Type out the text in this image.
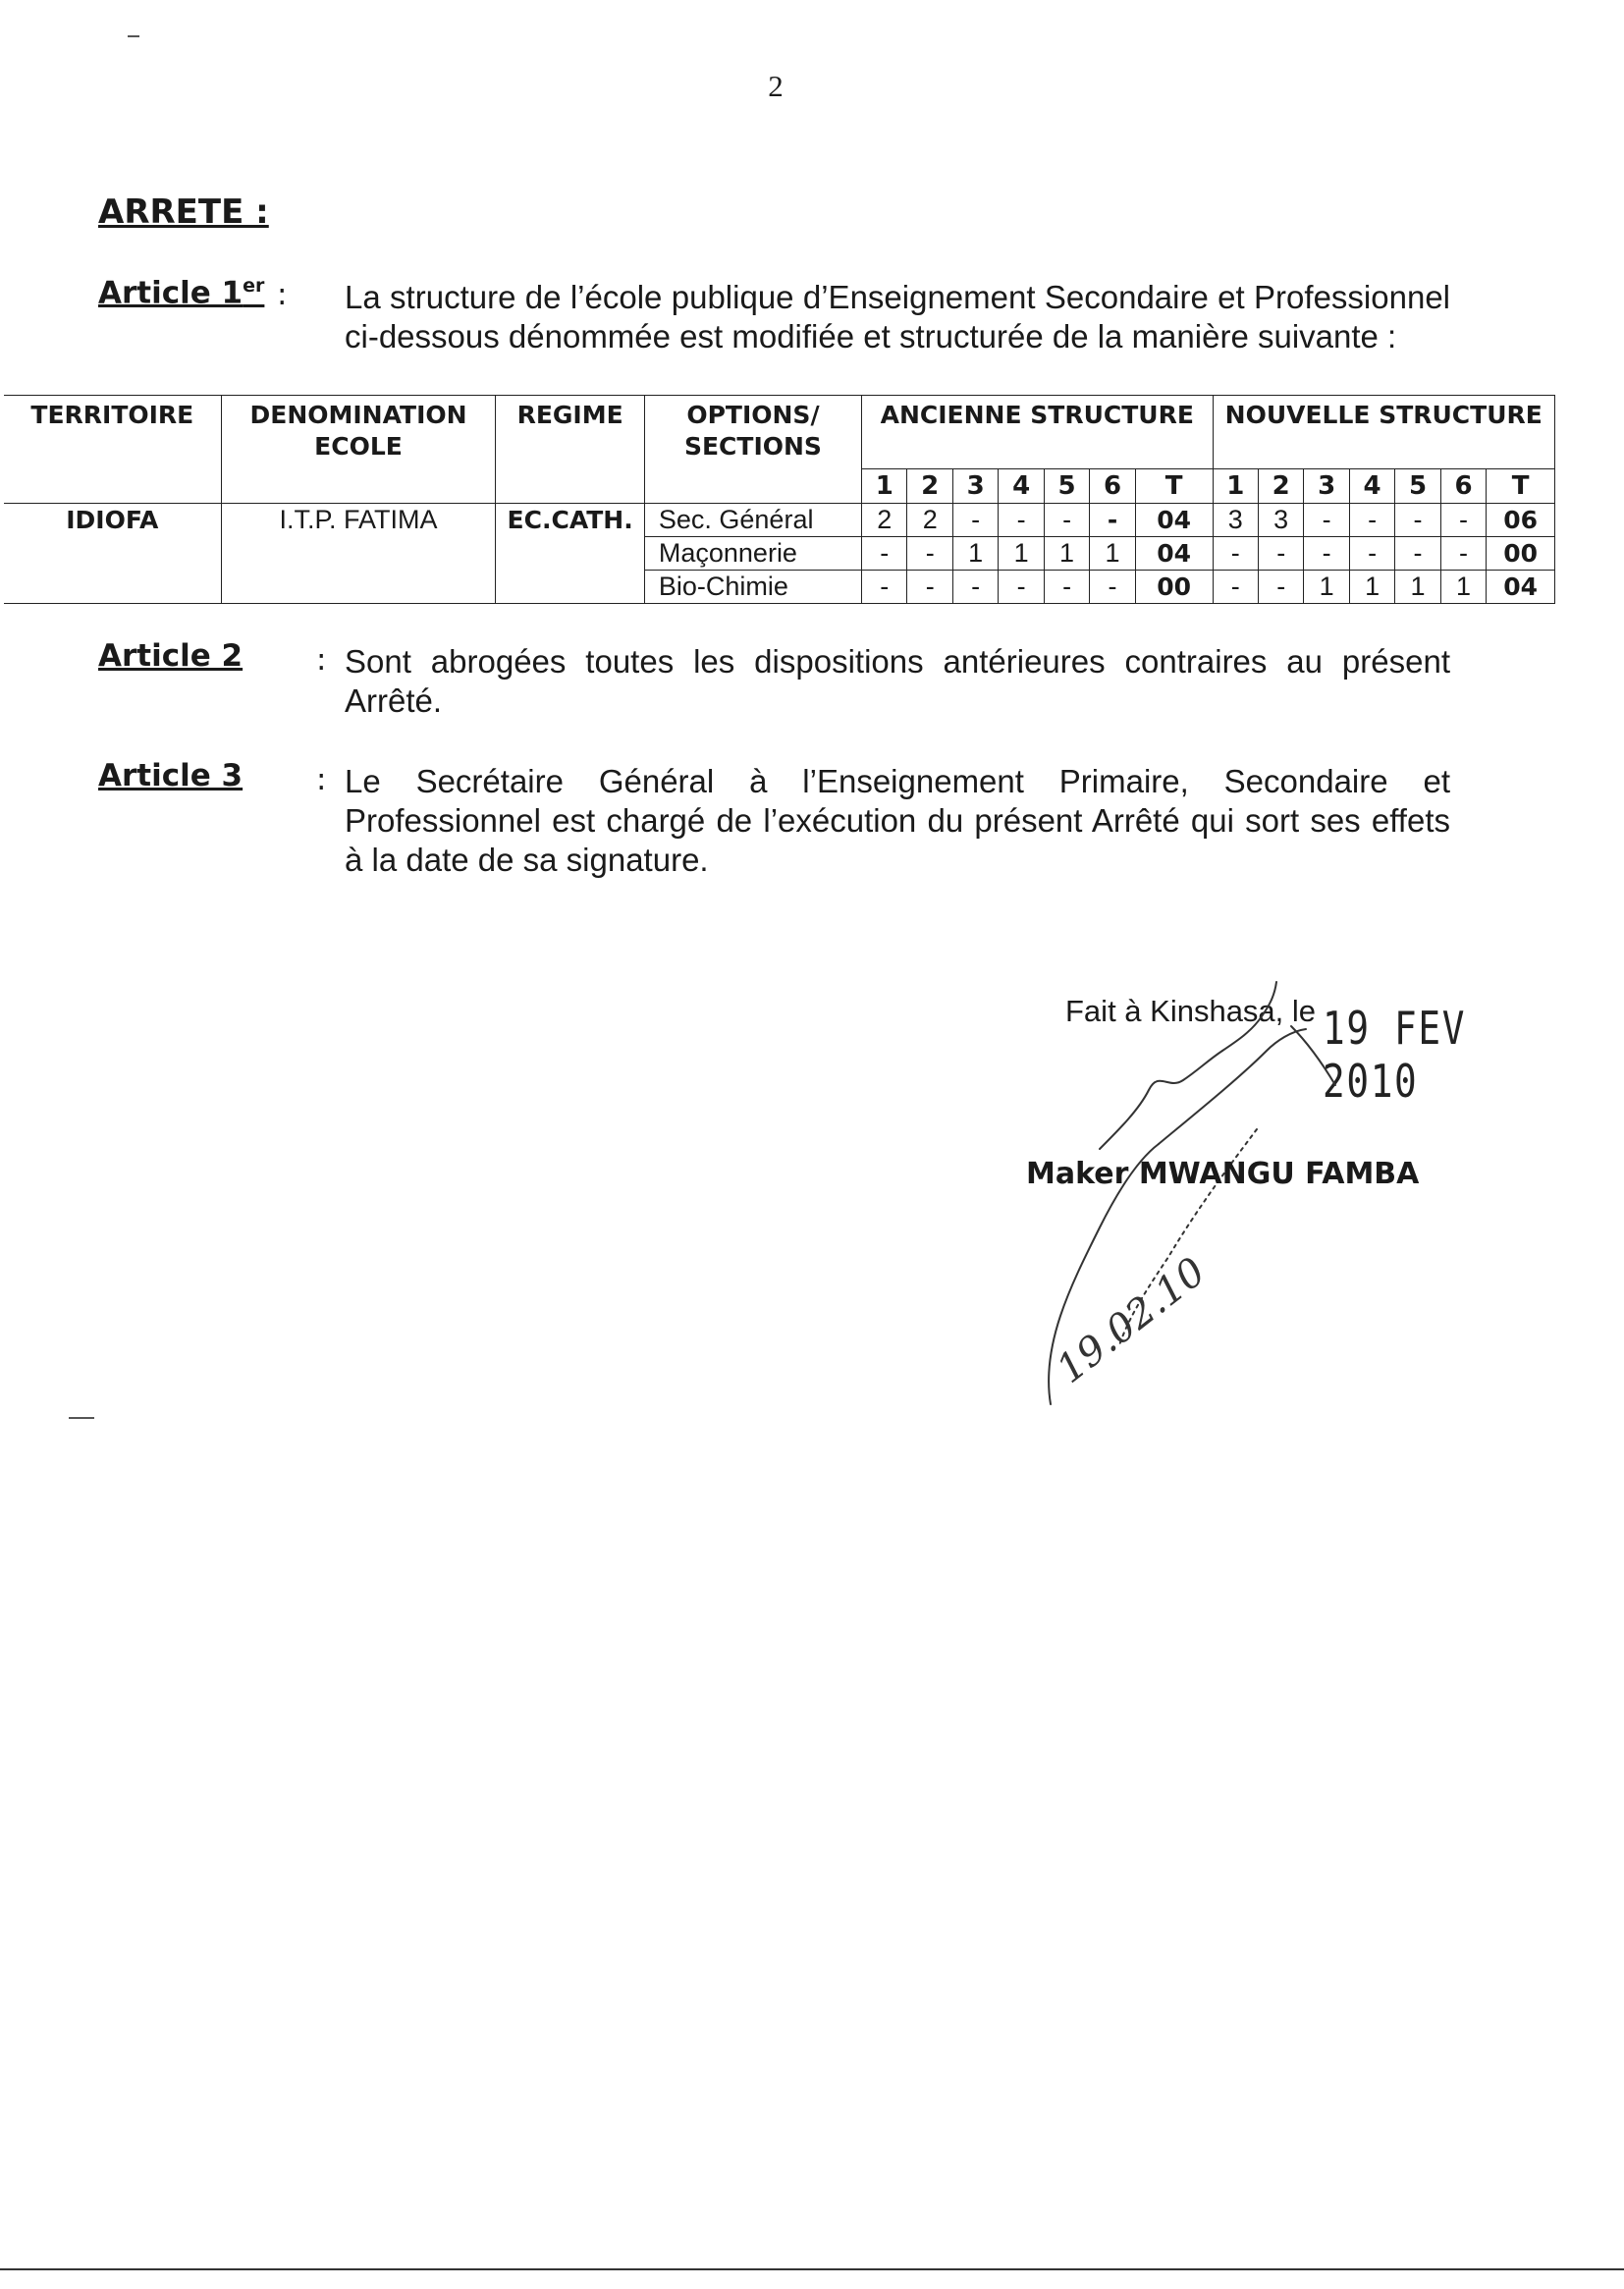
2
ARRETE :
Article 1er : La structure de l’école publique d’Enseignement Secondaire et Professionnel ci-dessous dénommée est modifiée et structurée de la manière suivante :
TERRITOIRE	DENOMINATION ECOLE	REGIME	OPTIONS/ SECTIONS	ANCIENNE STRUCTURE							NOUVELLE STRUCTURE						
				1	2	3	4	5	6	T	1	2	3	4	5	6	T
IDIOFA	I.T.P. FATIMA	EC.CATH.	Sec. Général	2	2	-	-	-	-	04	3	3	-	-	-	-	06
			Maçonnerie	-	-	1	1	1	1	04	-	-	-	-	-	-	00
			Bio-Chimie	-	-	-	-	-	-	00	-	-	1	1	1	1	04
Article 2 : Sont abrogées toutes les dispositions antérieures contraires au présent Arrêté.
Article 3 : Le Secrétaire Général à l’Enseignement Primaire, Secondaire et Professionnel est chargé de l’exécution du présent Arrêté qui sort ses effets à la date de sa signature.
Fait à Kinshasa, le 19 FEV 2010
19.02.10
Maker MWANGU FAMBA
